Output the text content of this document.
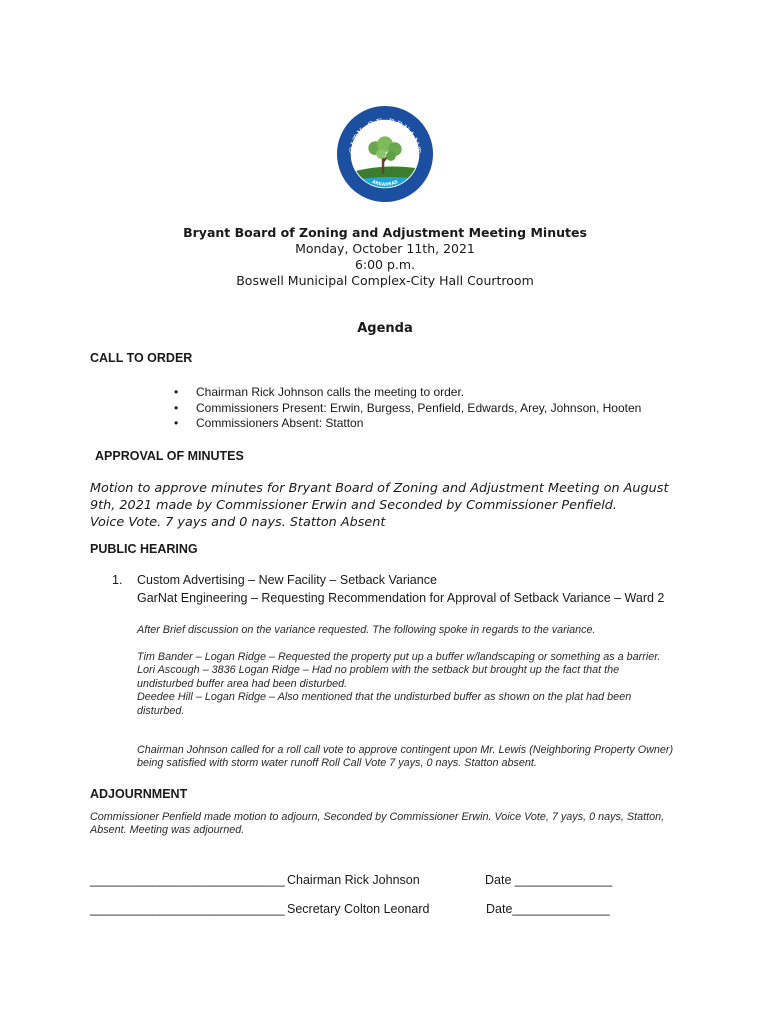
CITY OF BRYANT
ARKANSAS
Bryant Board of Zoning and Adjustment Meeting Minutes
Monday, October 11th, 2021
6:00 p.m.
Boswell Municipal Complex-City Hall Courtroom
Agenda
CALL TO ORDER
• Chairman Rick Johnson calls the meeting to order.
• Commissioners Present: Erwin, Burgess, Penfield, Edwards, Arey, Johnson, Hooten
• Commissioners Absent: Statton
APPROVAL OF MINUTES
Motion to approve minutes for Bryant Board of Zoning and Adjustment Meeting on August
9th, 2021 made by Commissioner Erwin and Seconded by Commissioner Penfield.
Voice Vote. 7 yays and 0 nays. Statton Absent
PUBLIC HEARING
1. Custom Advertising – New Facility – Setback Variance
GarNat Engineering – Requesting Recommendation for Approval of Setback Variance – Ward 2
After Brief discussion on the variance requested. The following spoke in regards to the variance.
Tim Bander – Logan Ridge – Requested the property put up a buffer w/landscaping or something as a barrier.
Lori Ascough – 3836 Logan Ridge – Had no problem with the setback but brought up the fact that the undisturbed buffer area had been disturbed.
Deedee Hill – Logan Ridge – Also mentioned that the undisturbed buffer as shown on the plat had been disturbed.
Chairman Johnson called for a roll call vote to approve contingent upon Mr. Lewis (Neighboring Property Owner) being satisfied with storm water runoff Roll Call Vote 7 yays, 0 nays. Statton absent.
ADJOURNMENT
Commissioner Penfield made motion to adjourn, Seconded by Commissioner Erwin. Voice Vote, 7 yays, 0 nays, Statton, Absent. Meeting was adjourned.
____________________________ Chairman Rick Johnson	Date ______________
____________________________ Secretary Colton Leonard	Date______________
